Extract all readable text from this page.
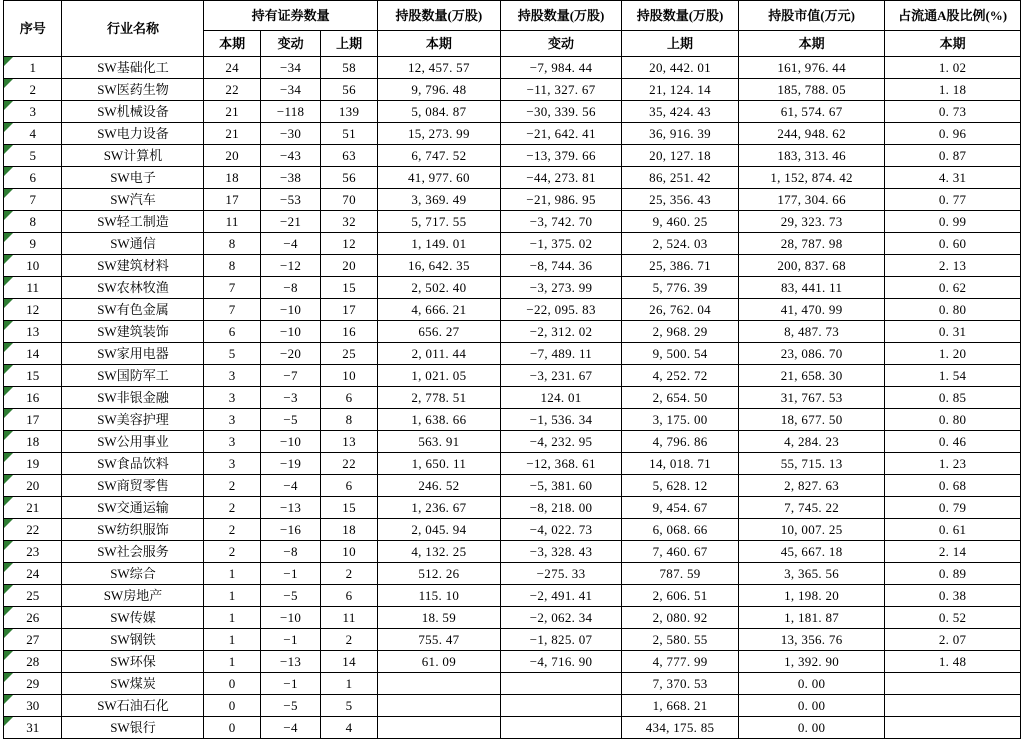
序号	行业名称	持有证券数量			持股数量(万股)	持股数量(万股)	持股数量(万股)	持股市值(万元)	占流通A股比例(%)
		本期	变动	上期	本期	变动	上期	本期	本期

1	SW基础化工	24	−34	58	12, 457. 57	−7, 984. 44	20, 442. 01	161, 976. 44	1. 02

2	SW医药生物	22	−34	56	9, 796. 48	−11, 327. 67	21, 124. 14	185, 788. 05	1. 18

3	SW机械设备	21	−118	139	5, 084. 87	−30, 339. 56	35, 424. 43	61, 574. 67	0. 73

4	SW电力设备	21	−30	51	15, 273. 99	−21, 642. 41	36, 916. 39	244, 948. 62	0. 96

5	SW计算机	20	−43	63	6, 747. 52	−13, 379. 66	20, 127. 18	183, 313. 46	0. 87

6	SW电子	18	−38	56	41, 977. 60	−44, 273. 81	86, 251. 42	1, 152, 874. 42	4. 31

7	SW汽车	17	−53	70	3, 369. 49	−21, 986. 95	25, 356. 43	177, 304. 66	0. 77

8	SW轻工制造	11	−21	32	5, 717. 55	−3, 742. 70	9, 460. 25	29, 323. 73	0. 99

9	SW通信	8	−4	12	1, 149. 01	−1, 375. 02	2, 524. 03	28, 787. 98	0. 60

10	SW建筑材料	8	−12	20	16, 642. 35	−8, 744. 36	25, 386. 71	200, 837. 68	2. 13

11	SW农林牧渔	7	−8	15	2, 502. 40	−3, 273. 99	5, 776. 39	83, 441. 11	0. 62

12	SW有色金属	7	−10	17	4, 666. 21	−22, 095. 83	26, 762. 04	41, 470. 99	0. 80

13	SW建筑装饰	6	−10	16	656. 27	−2, 312. 02	2, 968. 29	8, 487. 73	0. 31

14	SW家用电器	5	−20	25	2, 011. 44	−7, 489. 11	9, 500. 54	23, 086. 70	1. 20

15	SW国防军工	3	−7	10	1, 021. 05	−3, 231. 67	4, 252. 72	21, 658. 30	1. 54

16	SW非银金融	3	−3	6	2, 778. 51	124. 01	2, 654. 50	31, 767. 53	0. 85

17	SW美容护理	3	−5	8	1, 638. 66	−1, 536. 34	3, 175. 00	18, 677. 50	0. 80

18	SW公用事业	3	−10	13	563. 91	−4, 232. 95	4, 796. 86	4, 284. 23	0. 46

19	SW食品饮料	3	−19	22	1, 650. 11	−12, 368. 61	14, 018. 71	55, 715. 13	1. 23

20	SW商贸零售	2	−4	6	246. 52	−5, 381. 60	5, 628. 12	2, 827. 63	0. 68

21	SW交通运输	2	−13	15	1, 236. 67	−8, 218. 00	9, 454. 67	7, 745. 22	0. 79

22	SW纺织服饰	2	−16	18	2, 045. 94	−4, 022. 73	6, 068. 66	10, 007. 25	0. 61

23	SW社会服务	2	−8	10	4, 132. 25	−3, 328. 43	7, 460. 67	45, 667. 18	2. 14

24	SW综合	1	−1	2	512. 26	−275. 33	787. 59	3, 365. 56	0. 89

25	SW房地产	1	−5	6	115. 10	−2, 491. 41	2, 606. 51	1, 198. 20	0. 38

26	SW传媒	1	−10	11	18. 59	−2, 062. 34	2, 080. 92	1, 181. 87	0. 52

27	SW钢铁	1	−1	2	755. 47	−1, 825. 07	2, 580. 55	13, 356. 76	2. 07

28	SW环保	1	−13	14	61. 09	−4, 716. 90	4, 777. 99	1, 392. 90	1. 48

29	SW煤炭	0	−1	1			7, 370. 53	0. 00	

30	SW石油石化	0	−5	5			1, 668. 21	0. 00	

31	SW银行	0	−4	4			434, 175. 85	0. 00	
